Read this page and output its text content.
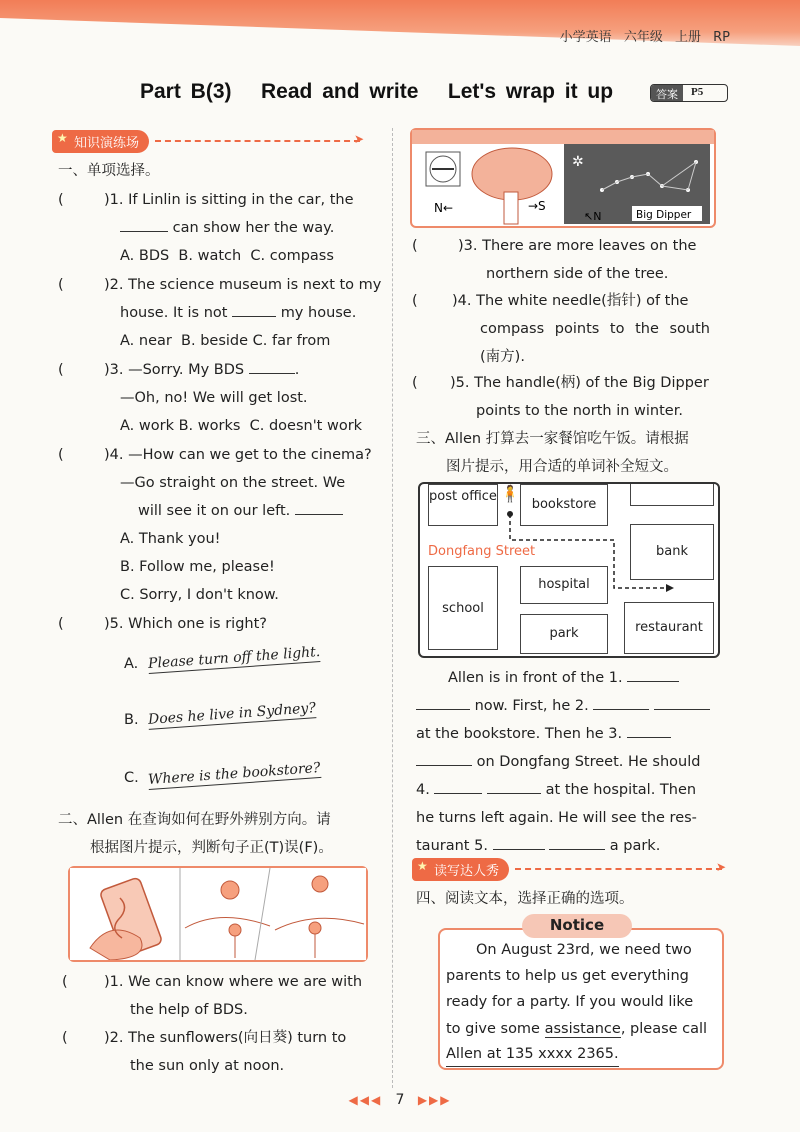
小学英语 六年级 上册 RP
Part B(3)   Read and write   Let's wrap it up	答案	P5
★ 知识演练场
➤
一、单项选择。
(	)1. If Linlin is sitting in the car, the
can show her the way.
A. BDS  B. watch  C. compass
(	)2. The science museum is next to my
house. It is not	my house.
A. near  B. beside C. far from
(	)3. —Sorry. My BDS	.
—Oh, no! We will get lost.
A. work B. works  C. doesn't work
(	)4. —How can we get to the cinema?
—Go straight on the street. We
will see it on our left.
A. Thank you!
B. Follow me, please!
C. Sorry, I don't know.
(	)5. Which one is right?
A. Please turn off the light.
B. Does he live in Sydney?
C. Where is the bookstore?
二、Allen 在查询如何在野外辨别方向。请
根据图片提示，判断句子正(T)误(F)。
(	)1. We can know where we are with
the help of BDS.
(	)2. The sunflowers(向日葵) turn to
the sun only at noon.
N←	→S
✲
↖N	Big Dipper
(	)3. There are more leaves on the
northern side of the tree.
( )4. The white needle(指针) of the
compass points to the south
(南方).
( )5. The handle(柄) of the Big Dipper
points to the north in winter.
三、Allen 打算去一家餐馆吃午饭。请根据
图片提示，用合适的单词补全短文。
post office
bookstore
Dongfang Street	bank
hospital
school
park	restaurant
🧍
Allen is in front of the 1.
now. First, he 2.
at the bookstore. Then he 3.
on Dongfang Street. He should
4.	at the hospital. Then
he turns left again. He will see the res-
taurant 5.	a park.
★ 读写达人秀
➤
四、阅读文本，选择正确的选项。
Notice
On August 23rd, we need two
parents to help us get everything
ready for a party. If you would like
to give some assistance, please call
Allen at 135 xxxx 2365.
◀◀◀ 7 ▶▶▶
